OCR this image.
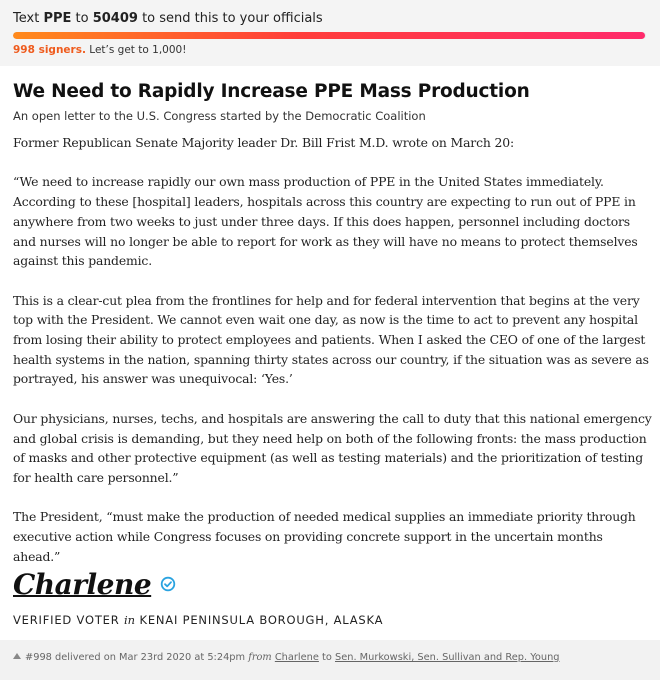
Text PPE to 50409 to send this to your officials
998 signers. Let’s get to 1,000!
We Need to Rapidly Increase PPE Mass Production
An open letter to the U.S. Congress started by the Democratic Coalition

Former Republican Senate Majority leader Dr. Bill Frist M.D. wrote on March 20:

“We need to increase rapidly our own mass production of PPE in the United States immediately. According to these [hospital] leaders, hospitals across this country are expecting to run out of PPE in anywhere from two weeks to just under three days. If this does happen, personnel including doctors and nurses will no longer be able to report for work as they will have no means to protect themselves against this pandemic.

This is a clear-cut plea from the frontlines for help and for federal intervention that begins at the very top with the President. We cannot even wait one day, as now is the time to act to prevent any hospital from losing their ability to protect employees and patients. When I asked the CEO of one of the largest health systems in the nation, spanning thirty states across our country, if the situation was as severe as portrayed, his answer was unequivocal: ‘Yes.’

Our physicians, nurses, techs, and hospitals are answering the call to duty that this national emergency and global crisis is demanding, but they need help on both of the following fronts: the mass production of masks and other protective equipment (as well as testing materials) and the prioritization of testing for health care personnel.”

The President, “must make the production of needed medical supplies an immediate priority through executive action while Congress focuses on providing concrete support in the uncertain months ahead.”

Charlene
VERIFIED VOTER in KENAI PENINSULA BOROUGH, ALASKA
#998 delivered on Mar 23rd 2020 at 5:24pm from Charlene to Sen. Murkowski, Sen. Sullivan and Rep. Young
